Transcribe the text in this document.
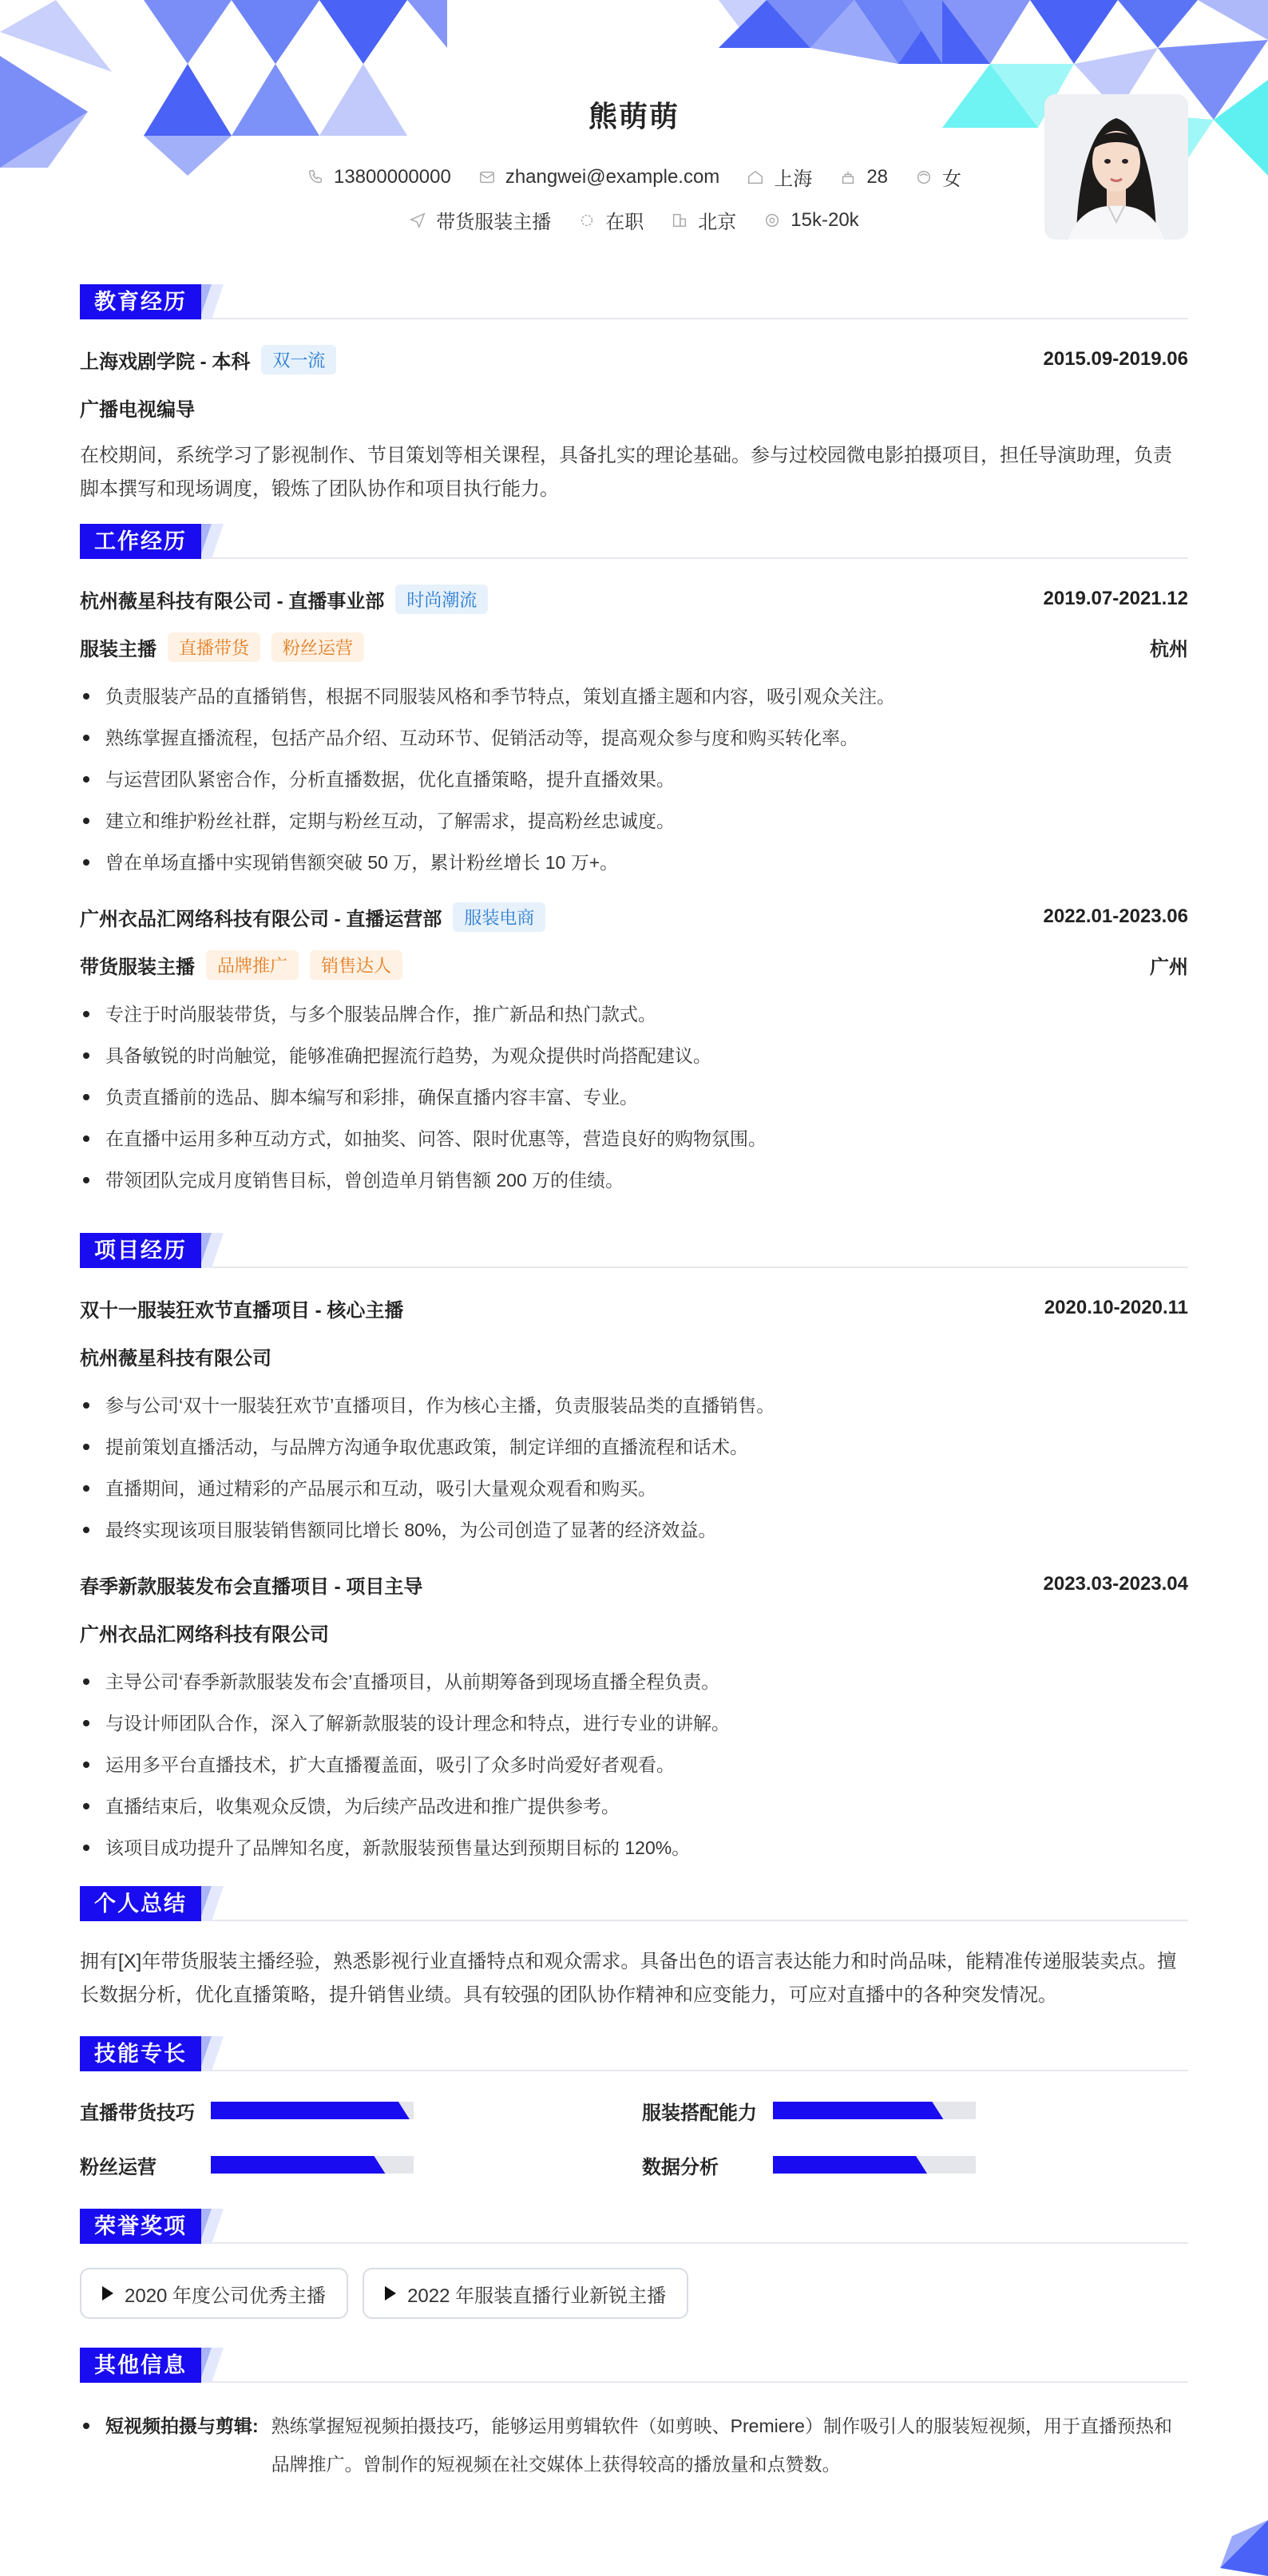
熊萌萌
13800000000	zhangwei@example.com	上海	28	女
带货服装主播	在职	北京	15k-20k
教育经历
上海戏剧学院 - 本科	双一流	2015.09-2019.06
广播电视编导
在校期间，系统学习了影视制作、节目策划等相关课程，具备扎实的理论基础。参与过校园微电影拍摄项目，担任导演助理，负责脚本撰写和现场调度，锻炼了团队协作和项目执行能力。
工作经历
杭州薇星科技有限公司 - 直播事业部	时尚潮流	2019.07-2021.12
服装主播	直播带货	粉丝运营	杭州
负责服装产品的直播销售，根据不同服装风格和季节特点，策划直播主题和内容，吸引观众关注。
熟练掌握直播流程，包括产品介绍、互动环节、促销活动等，提高观众参与度和购买转化率。
与运营团队紧密合作，分析直播数据，优化直播策略，提升直播效果。
建立和维护粉丝社群，定期与粉丝互动，了解需求，提高粉丝忠诚度。
曾在单场直播中实现销售额突破 50 万，累计粉丝增长 10 万+。
广州衣品汇网络科技有限公司 - 直播运营部	服装电商	2022.01-2023.06
带货服装主播	品牌推广	销售达人	广州
专注于时尚服装带货，与多个服装品牌合作，推广新品和热门款式。
具备敏锐的时尚触觉，能够准确把握流行趋势，为观众提供时尚搭配建议。
负责直播前的选品、脚本编写和彩排，确保直播内容丰富、专业。
在直播中运用多种互动方式，如抽奖、问答、限时优惠等，营造良好的购物氛围。
带领团队完成月度销售目标，曾创造单月销售额 200 万的佳绩。
项目经历
双十一服装狂欢节直播项目 - 核心主播	2020.10-2020.11
杭州薇星科技有限公司
参与公司‘双十一服装狂欢节’直播项目，作为核心主播，负责服装品类的直播销售。
提前策划直播活动，与品牌方沟通争取优惠政策，制定详细的直播流程和话术。
直播期间，通过精彩的产品展示和互动，吸引大量观众观看和购买。
最终实现该项目服装销售额同比增长 80%，为公司创造了显著的经济效益。
春季新款服装发布会直播项目 - 项目主导	2023.03-2023.04
广州衣品汇网络科技有限公司
主导公司‘春季新款服装发布会’直播项目，从前期筹备到现场直播全程负责。
与设计师团队合作，深入了解新款服装的设计理念和特点，进行专业的讲解。
运用多平台直播技术，扩大直播覆盖面，吸引了众多时尚爱好者观看。
直播结束后，收集观众反馈，为后续产品改进和推广提供参考。
该项目成功提升了品牌知名度，新款服装预售量达到预期目标的 120%。
个人总结
拥有[X]年带货服装主播经验，熟悉影视行业直播特点和观众需求。具备出色的语言表达能力和时尚品味，能精准传递服装卖点。擅长数据分析，优化直播策略，提升销售业绩。具有较强的团队协作精神和应变能力，可应对直播中的各种突发情况。
技能专长
直播带货技巧	服装搭配能力
粉丝运营	数据分析
荣誉奖项
2020 年度公司优秀主播	2022 年服装直播行业新锐主播
其他信息
短视频拍摄与剪辑: 熟练掌握短视频拍摄技巧，能够运用剪辑软件（如剪映、Premiere）制作吸引人的服装短视频，用于直播预热和品牌推广。曾制作的短视频在社交媒体上获得较高的播放量和点赞数。
